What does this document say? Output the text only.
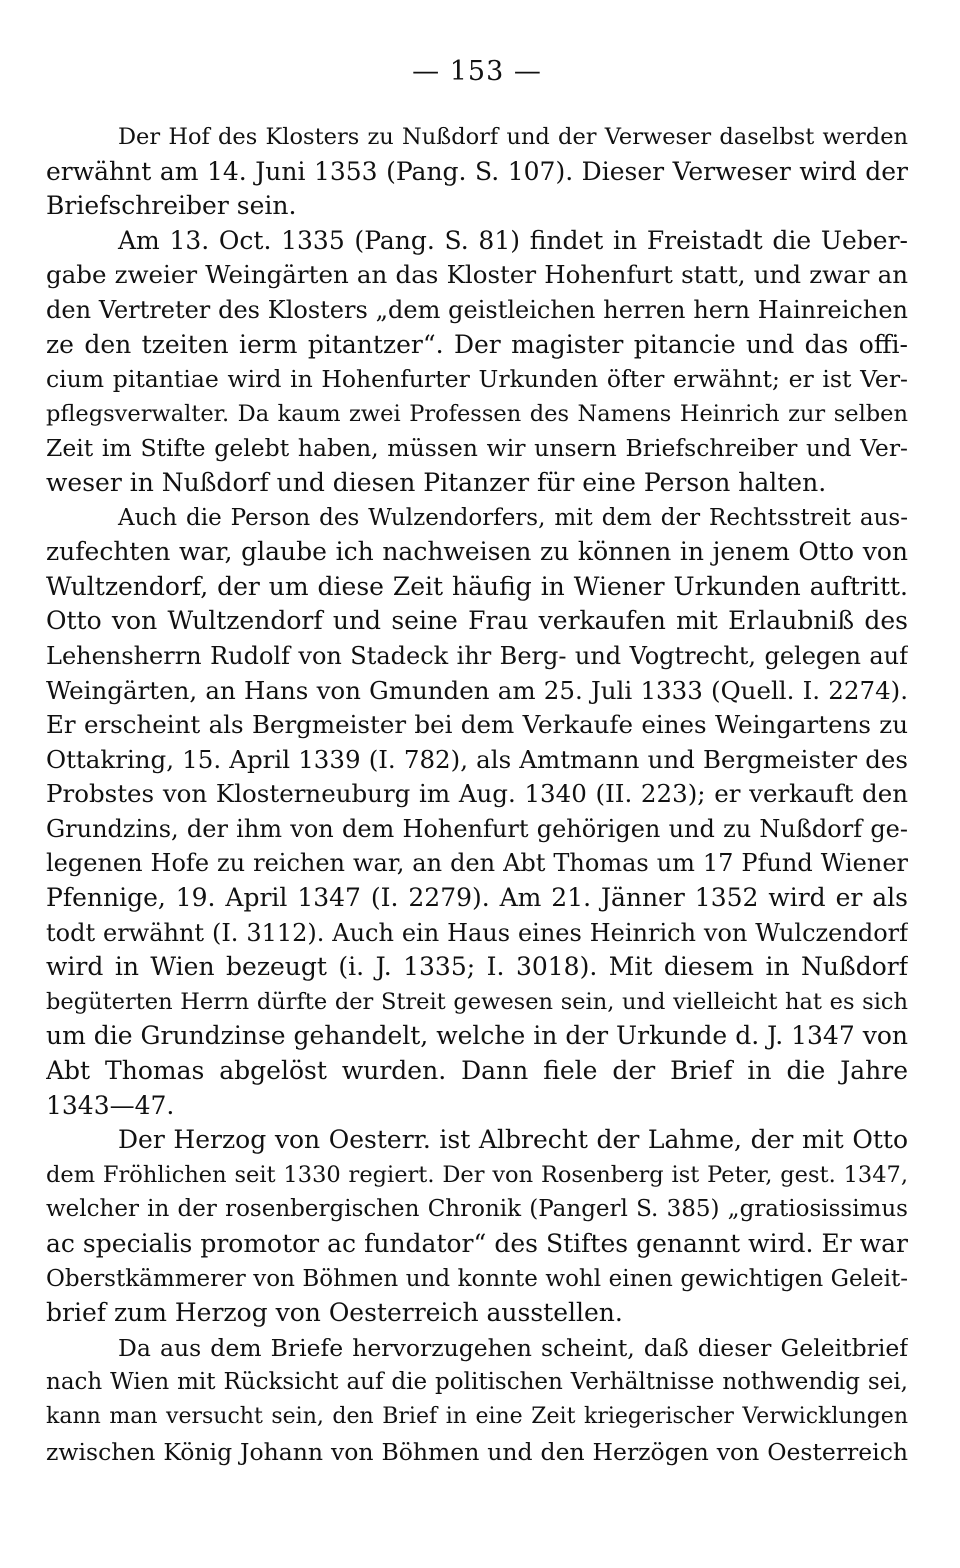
— 153 —
Der Hof des Klosters zu Nußdorf und der Verweser daselbst werden
erwähnt am 14. Juni 1353 (Pang. S. 107). Dieser Verweser wird der
Briefschreiber sein.
Am 13. Oct. 1335 (Pang. S. 81) findet in Freistadt die Ueber-
gabe zweier Weingärten an das Kloster Hohenfurt statt, und zwar an
den Vertreter des Klosters „dem geistleichen herren hern Hainreichen
ze den tzeiten ierm pitantzer“. Der magister pitancie und das offi-
cium pitantiae wird in Hohenfurter Urkunden öfter erwähnt; er ist Ver-
pflegsverwalter. Da kaum zwei Professen des Namens Heinrich zur selben
Zeit im Stifte gelebt haben, müssen wir unsern Briefschreiber und Ver-
weser in Nußdorf und diesen Pitanzer für eine Person halten.
Auch die Person des Wulzendorfers, mit dem der Rechtsstreit aus-
zufechten war, glaube ich nachweisen zu können in jenem Otto von
Wultzendorf, der um diese Zeit häufig in Wiener Urkunden auftritt.
Otto von Wultzendorf und seine Frau verkaufen mit Erlaubniß des
Lehensherrn Rudolf von Stadeck ihr Berg- und Vogtrecht, gelegen auf
Weingärten, an Hans von Gmunden am 25. Juli 1333 (Quell. I. 2274).
Er erscheint als Bergmeister bei dem Verkaufe eines Weingartens zu
Ottakring, 15. April 1339 (I. 782), als Amtmann und Bergmeister des
Probstes von Klosterneuburg im Aug. 1340 (II. 223); er verkauft den
Grundzins, der ihm von dem Hohenfurt gehörigen und zu Nußdorf ge-
legenen Hofe zu reichen war, an den Abt Thomas um 17 Pfund Wiener
Pfennige, 19. April 1347 (I. 2279). Am 21. Jänner 1352 wird er als
todt erwähnt (I. 3112). Auch ein Haus eines Heinrich von Wulczendorf
wird in Wien bezeugt (i. J. 1335; I. 3018). Mit diesem in Nußdorf
begüterten Herrn dürfte der Streit gewesen sein, und vielleicht hat es sich
um die Grundzinse gehandelt, welche in der Urkunde d. J. 1347 von
Abt Thomas abgelöst wurden. Dann fiele der Brief in die Jahre
1343—47.
Der Herzog von Oesterr. ist Albrecht der Lahme, der mit Otto
dem Fröhlichen seit 1330 regiert. Der von Rosenberg ist Peter, gest. 1347,
welcher in der rosenbergischen Chronik (Pangerl S. 385) „gratiosissimus
ac specialis promotor ac fundator“ des Stiftes genannt wird. Er war
Oberstkämmerer von Böhmen und konnte wohl einen gewichtigen Geleit-
brief zum Herzog von Oesterreich ausstellen.
Da aus dem Briefe hervorzugehen scheint, daß dieser Geleitbrief
nach Wien mit Rücksicht auf die politischen Verhältnisse nothwendig sei,
kann man versucht sein, den Brief in eine Zeit kriegerischer Verwicklungen
zwischen König Johann von Böhmen und den Herzögen von Oesterreich
